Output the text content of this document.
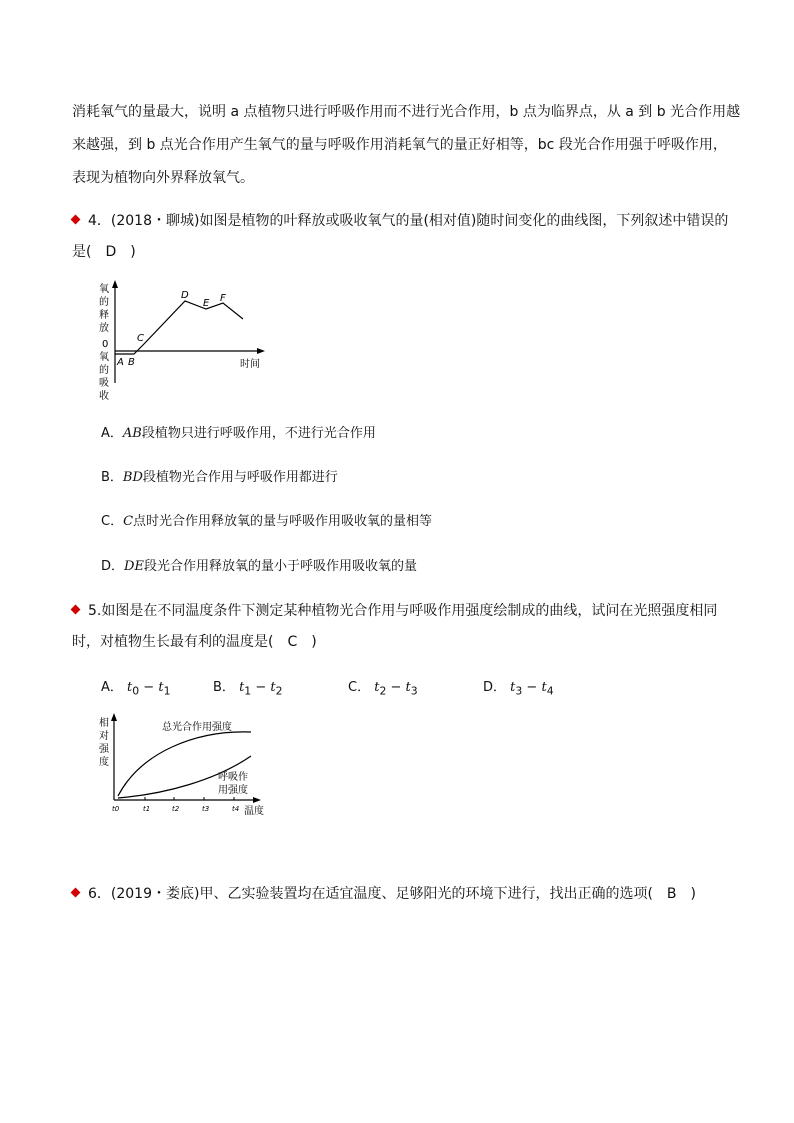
消耗氧气的量最大，说明 a 点植物只进行呼吸作用而不进行光合作用，b 点为临界点，从 a 到 b 光合作用越
来越强，到 b 点光合作用产生氧气的量与呼吸作用消耗氧气的量正好相等，bc 段光合作用强于呼吸作用，
表现为植物向外界释放氧气。
4．(2018・聊城)如图是植物的叶释放或吸收氧气的量(相对值)随时间变化的曲线图，下列叙述中错误的
是(　D　)
氧
的
释
放
0
氧
的
吸
收
A B
C
D
E F
时间
A．AB段植物只进行呼吸作用，不进行光合作用
B．BD段植物光合作用与呼吸作用都进行
C．C点时光合作用释放氧的量与呼吸作用吸收氧的量相等
D．DE段光合作用释放氧的量小于呼吸作用吸收氧的量
5.如图是在不同温度条件下测定某种植物光合作用与呼吸作用强度绘制成的曲线，试问在光照强度相同
时，对植物生长最有利的温度是(　C　)
A． $t_0 - t_1$	B． $t_1 - t_2$	C． $t_2 - t_3$	D． $t_3 - t_4$
相
对
强
度
总光合作用强度
呼吸作
用强度
t0	t1	t2	t3	t4 温度
6．(2019・娄底)甲、乙实验装置均在适宜温度、足够阳光的环境下进行，找出正确的选项(　B　)
